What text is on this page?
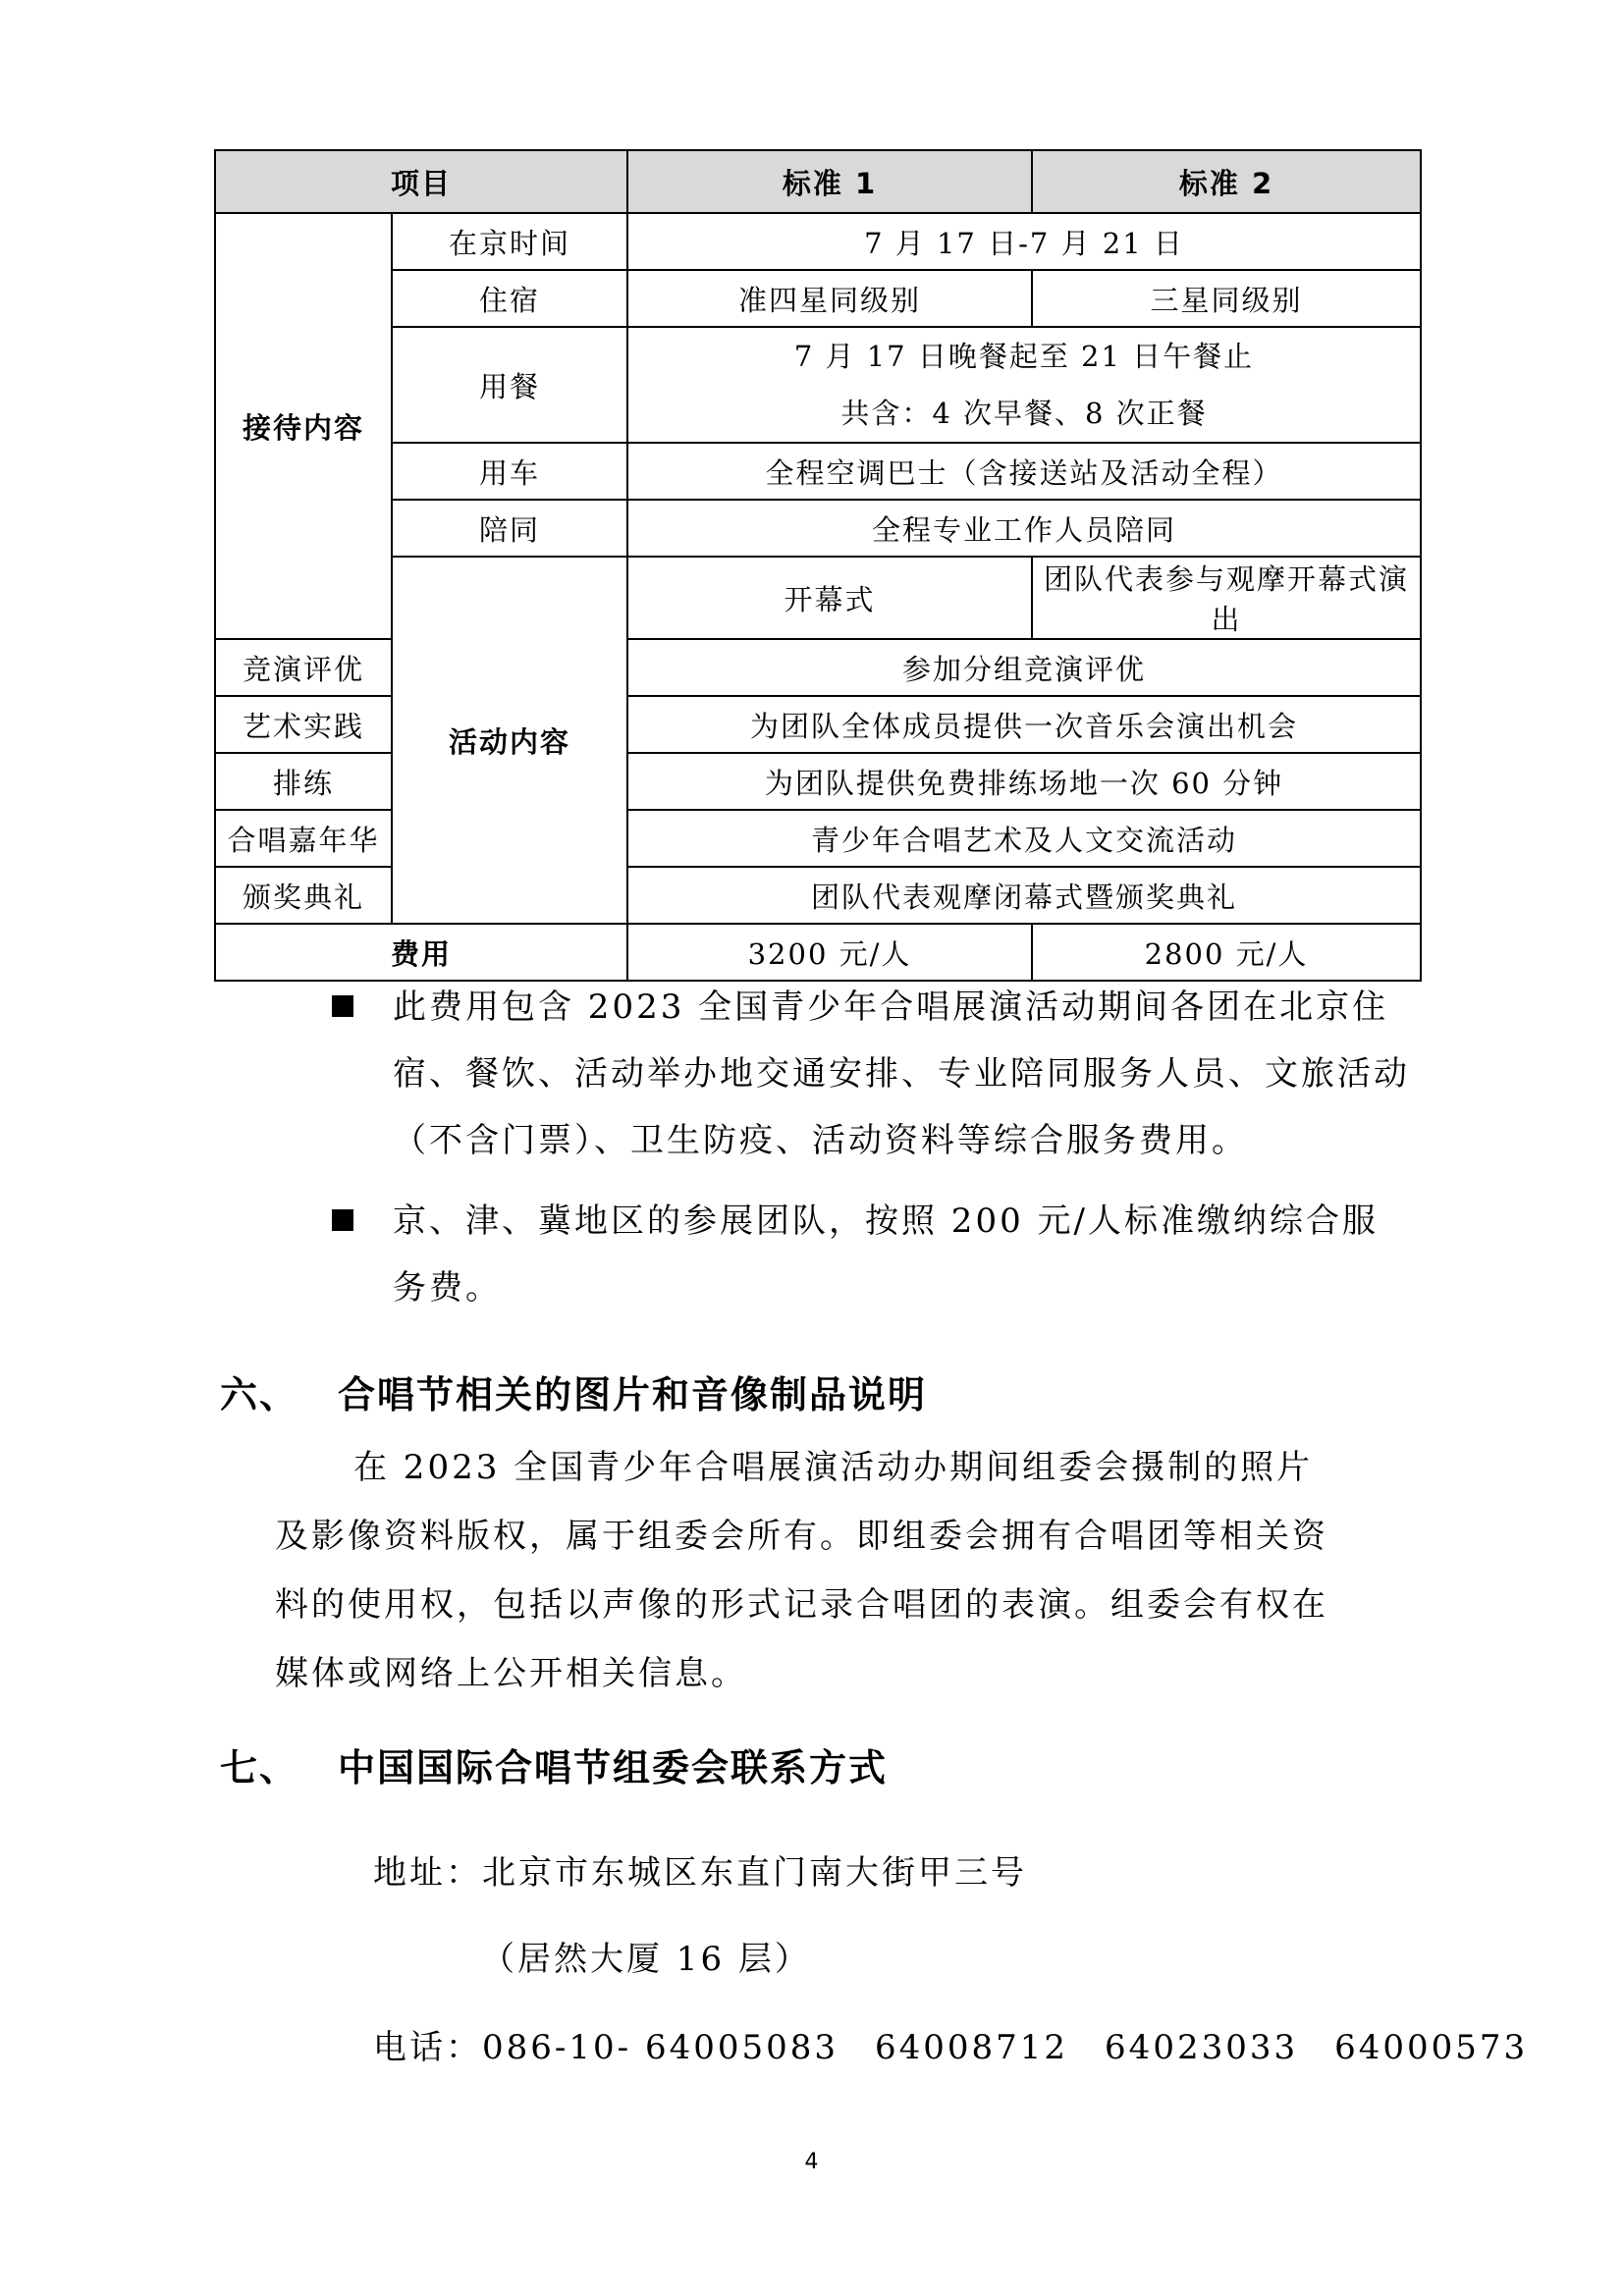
项目		标准 1	标准 2
接待内容	在京时间	7 月 17 日-7 月 21 日	
	住宿	准四星同级别	三星同级别
	用餐	7 月 17 日晚餐起至 21 日午餐止
共含：4 次早餐、8 次正餐	

	用车	全程空调巴士（含接送站及活动全程）	
	陪同	全程专业工作人员陪同	
	活动内容	开幕式	团队代表参与观摩开幕式演出
竞演评优		参加分组竞演评优	
艺术实践		为团队全体成员提供一次音乐会演出机会	
排练		为团队提供免费排练场地一次 60 分钟	
合唱嘉年华		青少年合唱艺术及人文交流活动	
颁奖典礼		团队代表观摩闭幕式暨颁奖典礼	
费用		3200 元/人	2800 元/人

此费用包含 2023 全国青少年合唱展演活动期间各团在北京住宿、餐饮、活动举办地交通安排、专业陪同服务人员、文旅活动（不含门票）、卫生防疫、活动资料等综合服务费用。

京、津、冀地区的参展团队，按照 200 元/人标准缴纳综合服务费。

六、 合唱节相关的图片和音像制品说明
在 2023 全国青少年合唱展演活动办期间组委会摄制的照片及影像资料版权，属于组委会所有。即组委会拥有合唱团等相关资料的使用权，包括以声像的形式记录合唱团的表演。组委会有权在媒体或网络上公开相关信息。
七、 中国国际合唱节组委会联系方式
地址：北京市东城区东直门南大街甲三号
（居然大厦 16 层）
电话：086-10- 64005083　64008712　64023033　64000573
4
